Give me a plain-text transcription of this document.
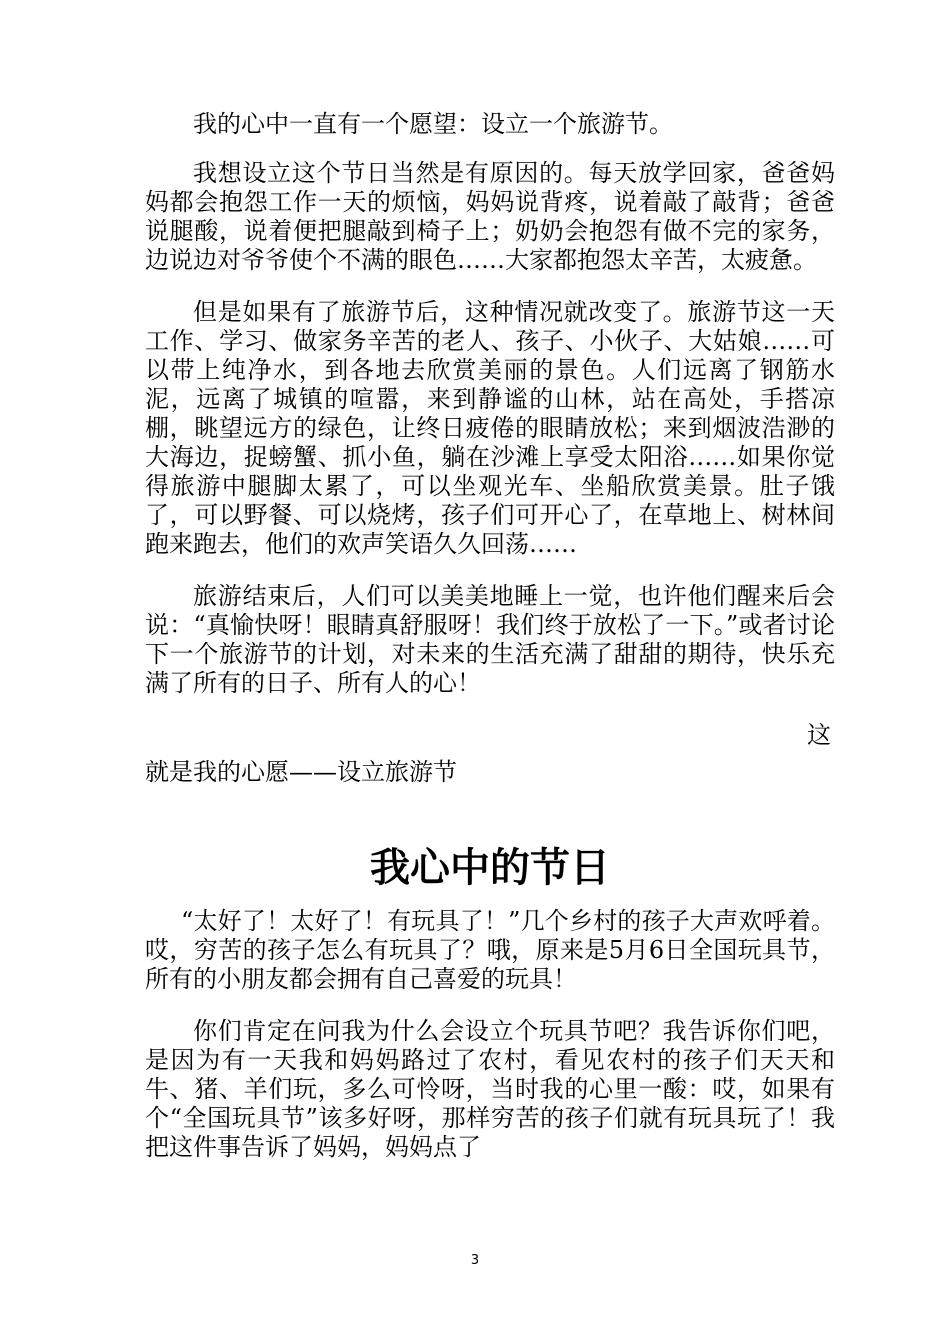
我的心中一直有一个愿望：设立一个旅游节。

我想设立这个节日当然是有原因的。每天放学回家，爸爸妈妈都会抱怨工作一天的烦恼，妈妈说背疼，说着敲了敲背；爸爸说腿酸，说着便把腿敲到椅子上；奶奶会抱怨有做不完的家务，边说边对爷爷使个不满的眼色……大家都抱怨太辛苦，太疲惫。

但是如果有了旅游节后，这种情况就改变了。旅游节这一天工作、学习、做家务辛苦的老人、孩子、小伙子、大姑娘……可以带上纯净水，到各地去欣赏美丽的景色。人们远离了钢筋水泥，远离了城镇的喧嚣，来到静谧的山林，站在高处，手搭凉棚，眺望远方的绿色，让终日疲倦的眼睛放松；来到烟波浩渺的大海边，捉螃蟹、抓小鱼，躺在沙滩上享受太阳浴……如果你觉得旅游中腿脚太累了，可以坐观光车、坐船欣赏美景。肚子饿了，可以野餐、可以烧烤，孩子们可开心了，在草地上、树林间跑来跑去，他们的欢声笑语久久回荡……

旅游结束后，人们可以美美地睡上一觉，也许他们醒来后会说：“真愉快呀！眼睛真舒服呀！我们终于放松了一下。”或者讨论下一个旅游节的计划，对未来的生活充满了甜甜的期待，快乐充满了所有的日子、所有人的心！

这

就是我的心愿——设立旅游节

我心中的节日

“太好了！太好了！有玩具了！”几个乡村的孩子大声欢呼着。哎，穷苦的孩子怎么有玩具了？哦，原来是5月6日全国玩具节，所有的小朋友都会拥有自己喜爱的玩具！

你们肯定在问我为什么会设立个玩具节吧？我告诉你们吧，是因为有一天我和妈妈路过了农村，看见农村的孩子们天天和牛、猪、羊们玩，多么可怜呀，当时我的心里一酸：哎，如果有个“全国玩具节”该多好呀，那样穷苦的孩子们就有玩具玩了！我把这件事告诉了妈妈，妈妈点了

3
